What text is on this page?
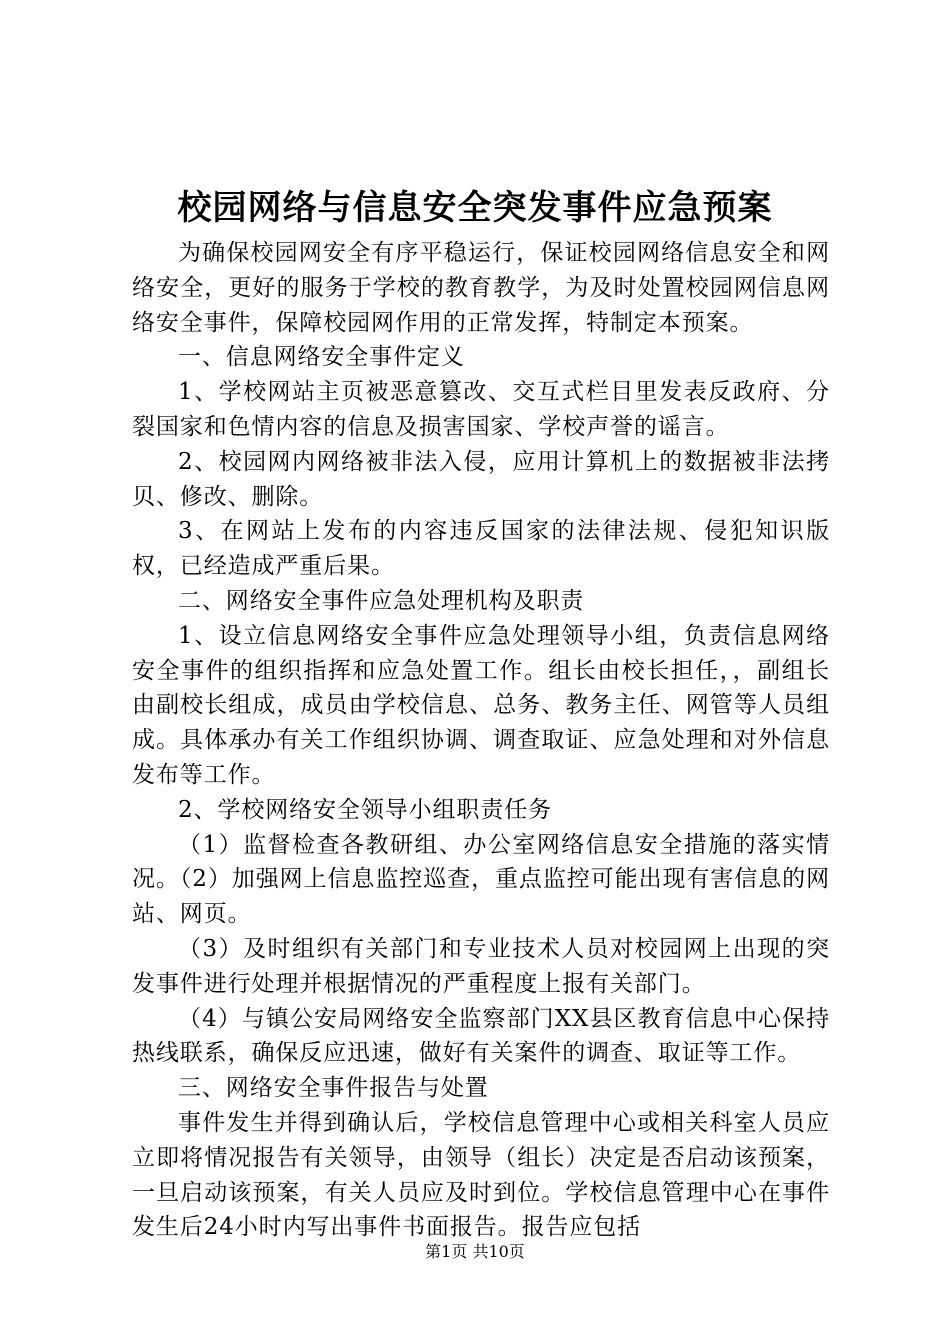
校园网络与信息安全突发事件应急预案

为确保校园网安全有序平稳运行，保证校园网络信息安全和网络安全，更好的服务于学校的教育教学，为及时处置校园网信息网络安全事件，保障校园网作用的正常发挥，特制定本预案。

一、信息网络安全事件定义

1、学校网站主页被恶意篡改、交互式栏目里发表反政府、分裂国家和色情内容的信息及损害国家、学校声誉的谣言。

2、校园网内网络被非法入侵，应用计算机上的数据被非法拷贝、修改、删除。

3、在网站上发布的内容违反国家的法律法规、侵犯知识版权，已经造成严重后果。

二、网络安全事件应急处理机构及职责

1、设立信息网络安全事件应急处理领导小组，负责信息网络安全事件的组织指挥和应急处置工作。组长由校长担任，，副组长由副校长组成，成员由学校信息、总务、教务主任、网管等人员组成。具体承办有关工作组织协调、调查取证、应急处理和对外信息发布等工作。

2、学校网络安全领导小组职责任务

（1）监督检查各教研组、办公室网络信息安全措施的落实情况。（2）加强网上信息监控巡查，重点监控可能出现有害信息的网站、网页。

（3）及时组织有关部门和专业技术人员对校园网上出现的突发事件进行处理并根据情况的严重程度上报有关部门。

（4）与镇公安局网络安全监察部门XX县区教育信息中心保持热线联系，确保反应迅速，做好有关案件的调查、取证等工作。

三、网络安全事件报告与处置

事件发生并得到确认后，学校信息管理中心或相关科室人员应立即将情况报告有关领导，由领导（组长）决定是否启动该预案，一旦启动该预案，有关人员应及时到位。学校信息管理中心在事件发生后24小时内写出事件书面报告。报告应包括

第1页 共10页
